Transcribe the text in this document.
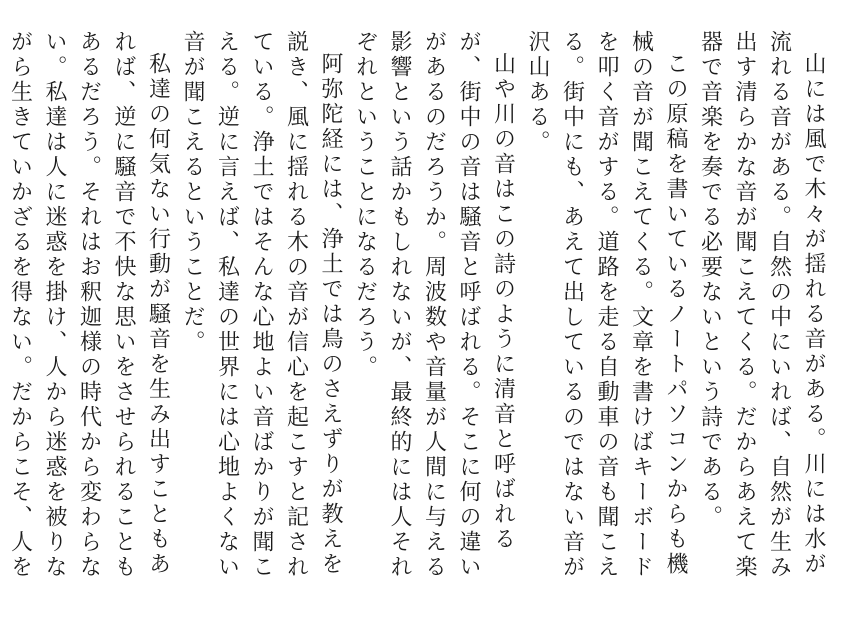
山には風で木々が揺れる音がある。川には水が流れる音がある。自然の中にいれば、自然が生み出す清らかな音が聞こえてくる。だからあえて楽器で音楽を奏でる必要ないという詩である。

この原稿を書いているノートパソコンからも機械の音が聞こえてくる。文章を書けばキーボードを叩く音がする。道路を走る自動車の音も聞こえる。街中にも、あえて出しているのではない音が沢山ある。

山や川の音はこの詩のように清音と呼ばれるが、街中の音は騒音と呼ばれる。そこに何の違いがあるのだろうか。周波数や音量が人間に与える影響という話かもしれないが、最終的には人それぞれということになるだろう。

阿弥陀経には、浄土では鳥のさえずりが教えを説き、風に揺れる木の音が信心を起こすと記されている。浄土ではそんな心地よい音ばかりが聞こえる。逆に言えば、私達の世界には心地よくない音が聞こえるということだ。

私達の何気ない行動が騒音を生み出すこともあれば、逆に騒音で不快な思いをさせられることもあるだろう。それはお釈迦様の時代から変わらない。私達は人に迷惑を掛け、人から迷惑を被りながら生きていかざるを得ない。だからこそ、人を
